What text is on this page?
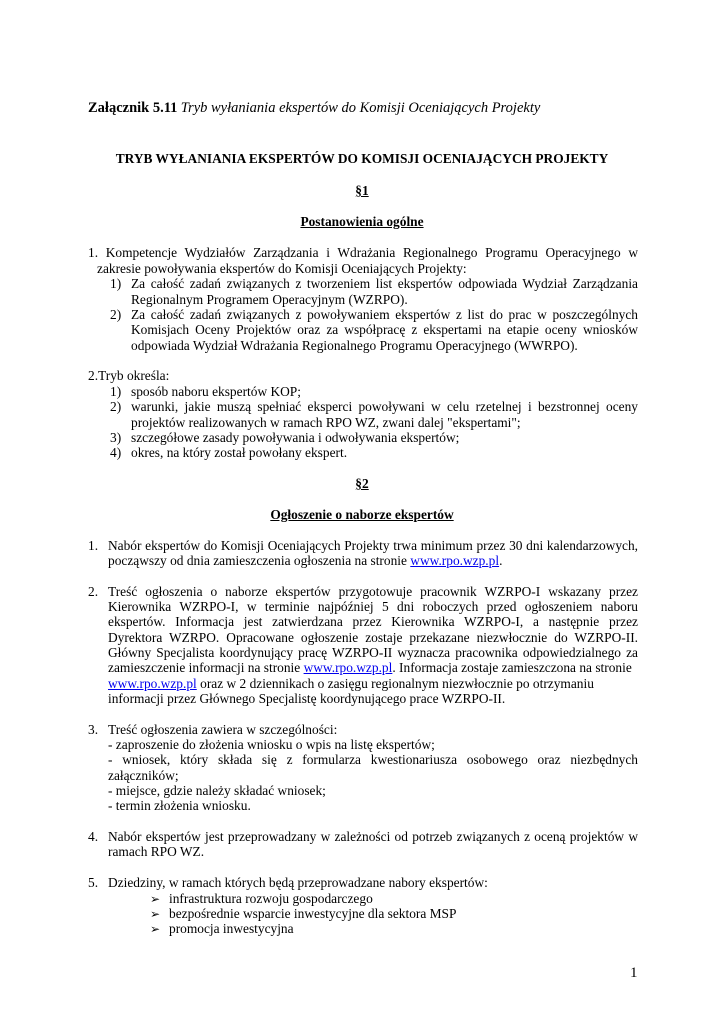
Załącznik 5.11 Tryb wyłaniania ekspertów do Komisji Oceniających Projekty
TRYB WYŁANIANIA EKSPERTÓW DO KOMISJI OCENIAJĄCYCH PROJEKTY
§1
Postanowienia ogólne
1. Kompetencje Wydziałów Zarządzania i Wdrażania Regionalnego Programu Operacyjnego w
zakresie powoływania ekspertów do Komisji Oceniających Projekty:
1) Za całość zadań związanych z tworzeniem list ekspertów odpowiada Wydział Zarządzania
Regionalnym Programem Operacyjnym (WZRPO).
2) Za całość zadań związanych z powoływaniem ekspertów z list do prac w poszczególnych
Komisjach Oceny Projektów oraz za współpracę z ekspertami na etapie oceny wniosków
odpowiada Wydział Wdrażania Regionalnego Programu Operacyjnego (WWRPO).
2.Tryb określa:
1) sposób naboru ekspertów KOP;
2) warunki, jakie muszą spełniać eksperci powoływani w celu rzetelnej i bezstronnej oceny
projektów realizowanych w ramach RPO WZ, zwani dalej "ekspertami";
3) szczegółowe zasady powoływania i odwoływania ekspertów;
4) okres, na który został powołany ekspert.
§2
Ogłoszenie o naborze ekspertów
1. Nabór ekspertów do Komisji Oceniających Projekty trwa minimum przez 30 dni kalendarzowych,
począwszy od dnia zamieszczenia ogłoszenia na stronie www.rpo.wzp.pl.
2. Treść ogłoszenia o naborze ekspertów przygotowuje pracownik WZRPO-I wskazany przez
Kierownika WZRPO-I, w terminie najpóźniej 5 dni roboczych przed ogłoszeniem naboru
ekspertów. Informacja jest zatwierdzana przez Kierownika WZRPO-I, a następnie przez
Dyrektora WZRPO. Opracowane ogłoszenie zostaje przekazane niezwłocznie do WZRPO-II.
Główny Specjalista koordynujący pracę WZRPO-II wyznacza pracownika odpowiedzialnego za
zamieszczenie informacji na stronie www.rpo.wzp.pl. Informacja zostaje zamieszczona na stronie
www.rpo.wzp.pl oraz w 2 dziennikach o zasięgu regionalnym niezwłocznie po otrzymaniu
informacji przez Głównego Specjalistę koordynującego prace WZRPO-II.
3. Treść ogłoszenia zawiera w szczególności:
- zaproszenie do złożenia wniosku o wpis na listę ekspertów;
- wniosek, który składa się z formularza kwestionariusza osobowego oraz niezbędnych
załączników;
- miejsce, gdzie należy składać wniosek;
- termin złożenia wniosku.
4. Nabór ekspertów jest przeprowadzany w zależności od potrzeb związanych z oceną projektów w
ramach RPO WZ.
5. Dziedziny, w ramach których będą przeprowadzane nabory ekspertów:
➢ infrastruktura rozwoju gospodarczego
➢ bezpośrednie wsparcie inwestycyjne dla sektora MSP
➢ promocja inwestycyjna
1
